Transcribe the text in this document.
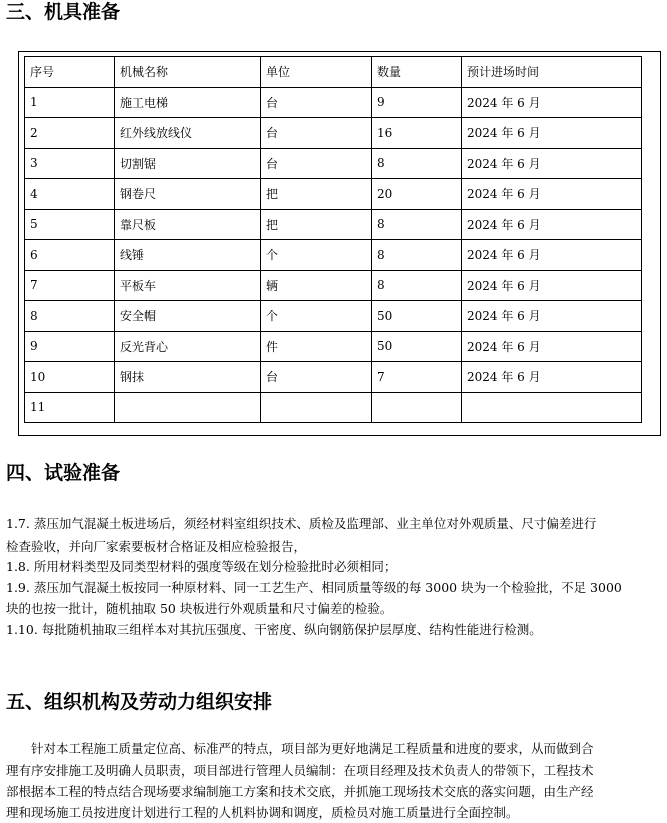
三、机具准备
序号	机械名称	单位	数量	预计进场时间
1	施工电梯	台	9	2024 年 6 月
2	红外线放线仪	台	16	2024 年 6 月
3	切割锯	台	8	2024 年 6 月
4	钢卷尺	把	20	2024 年 6 月
5	靠尺板	把	8	2024 年 6 月
6	线锤	个	8	2024 年 6 月
7	平板车	辆	8	2024 年 6 月
8	安全帽	个	50	2024 年 6 月
9	反光背心	件	50	2024 年 6 月
10	钢抹	台	7	2024 年 6 月
11				
四、试验准备

1.7. 蒸压加气混凝土板进场后，须经材料室组织技术、质检及监理部、业主单位对外观质量、尺寸偏差进行

检查验收，并向厂家索要板材合格证及相应检验报告，

1.8. 所用材料类型及同类型材料的强度等级在划分检验批时必须相同；

1.9. 蒸压加气混凝土板按同一种原材料、同一工艺生产、相同质量等级的每 3000 块为一个检验批，不足 3000

块的也按一批计，随机抽取 50 块板进行外观质量和尺寸偏差的检验。

1.10. 每批随机抽取三组样本对其抗压强度、干密度、纵向钢筋保护层厚度、结构性能进行检测。

五、组织机构及劳动力组织安排

　　针对本工程施工质量定位高、标准严的特点，项目部为更好地满足工程质量和进度的要求，从而做到合

理有序安排施工及明确人员职责，项目部进行管理人员编制：在项目经理及技术负责人的带领下，工程技术

部根据本工程的特点结合现场要求编制施工方案和技术交底，并抓施工现场技术交底的落实问题，由生产经

理和现场施工员按进度计划进行工程的人机料协调和调度，质检员对施工质量进行全面控制。
